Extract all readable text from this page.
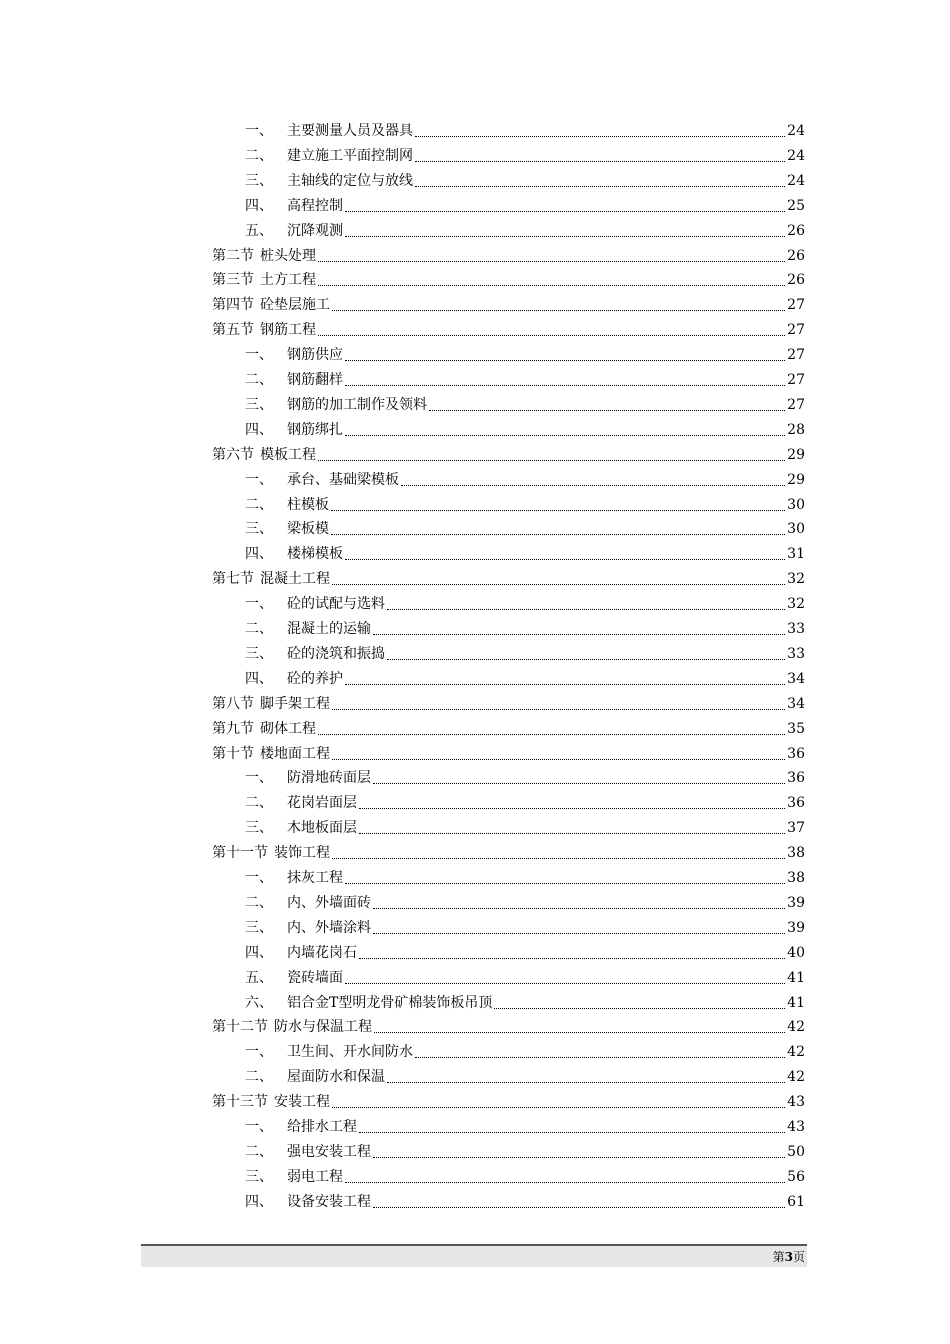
一、	主要测量人员及器具	24
二、	建立施工平面控制网	24
三、	主轴线的定位与放线	24
四、	高程控制	25
五、	沉降观测	26
第二节 桩头处理	26
第三节 土方工程	26
第四节 砼垫层施工	27
第五节 钢筋工程	27
一、	钢筋供应	27
二、	钢筋翻样	27
三、	钢筋的加工制作及领料	27
四、	钢筋绑扎	28
第六节 模板工程	29
一、	承台、基础梁模板	29
二、	柱模板	30
三、	梁板模	30
四、	楼梯模板	31
第七节 混凝土工程	32
一、	砼的试配与选料	32
二、	混凝土的运输	33
三、	砼的浇筑和振捣	33
四、	砼的养护	34
第八节 脚手架工程	34
第九节 砌体工程	35
第十节 楼地面工程	36
一、	防滑地砖面层	36
二、	花岗岩面层	36
三、	木地板面层	37
第十一节 装饰工程	38
一、	抹灰工程	38
二、	内、外墙面砖	39
三、	内、外墙涂料	39
四、	内墙花岗石	40
五、	瓷砖墙面	41
六、	铝合金T型明龙骨矿棉装饰板吊顶	41
第十二节 防水与保温工程	42
一、	卫生间、开水间防水	42
二、	屋面防水和保温	42
第十三节 安装工程	43
一、	给排水工程	43
二、	强电安装工程	50
三、	弱电工程	56
四、	设备安装工程	61
第3页
